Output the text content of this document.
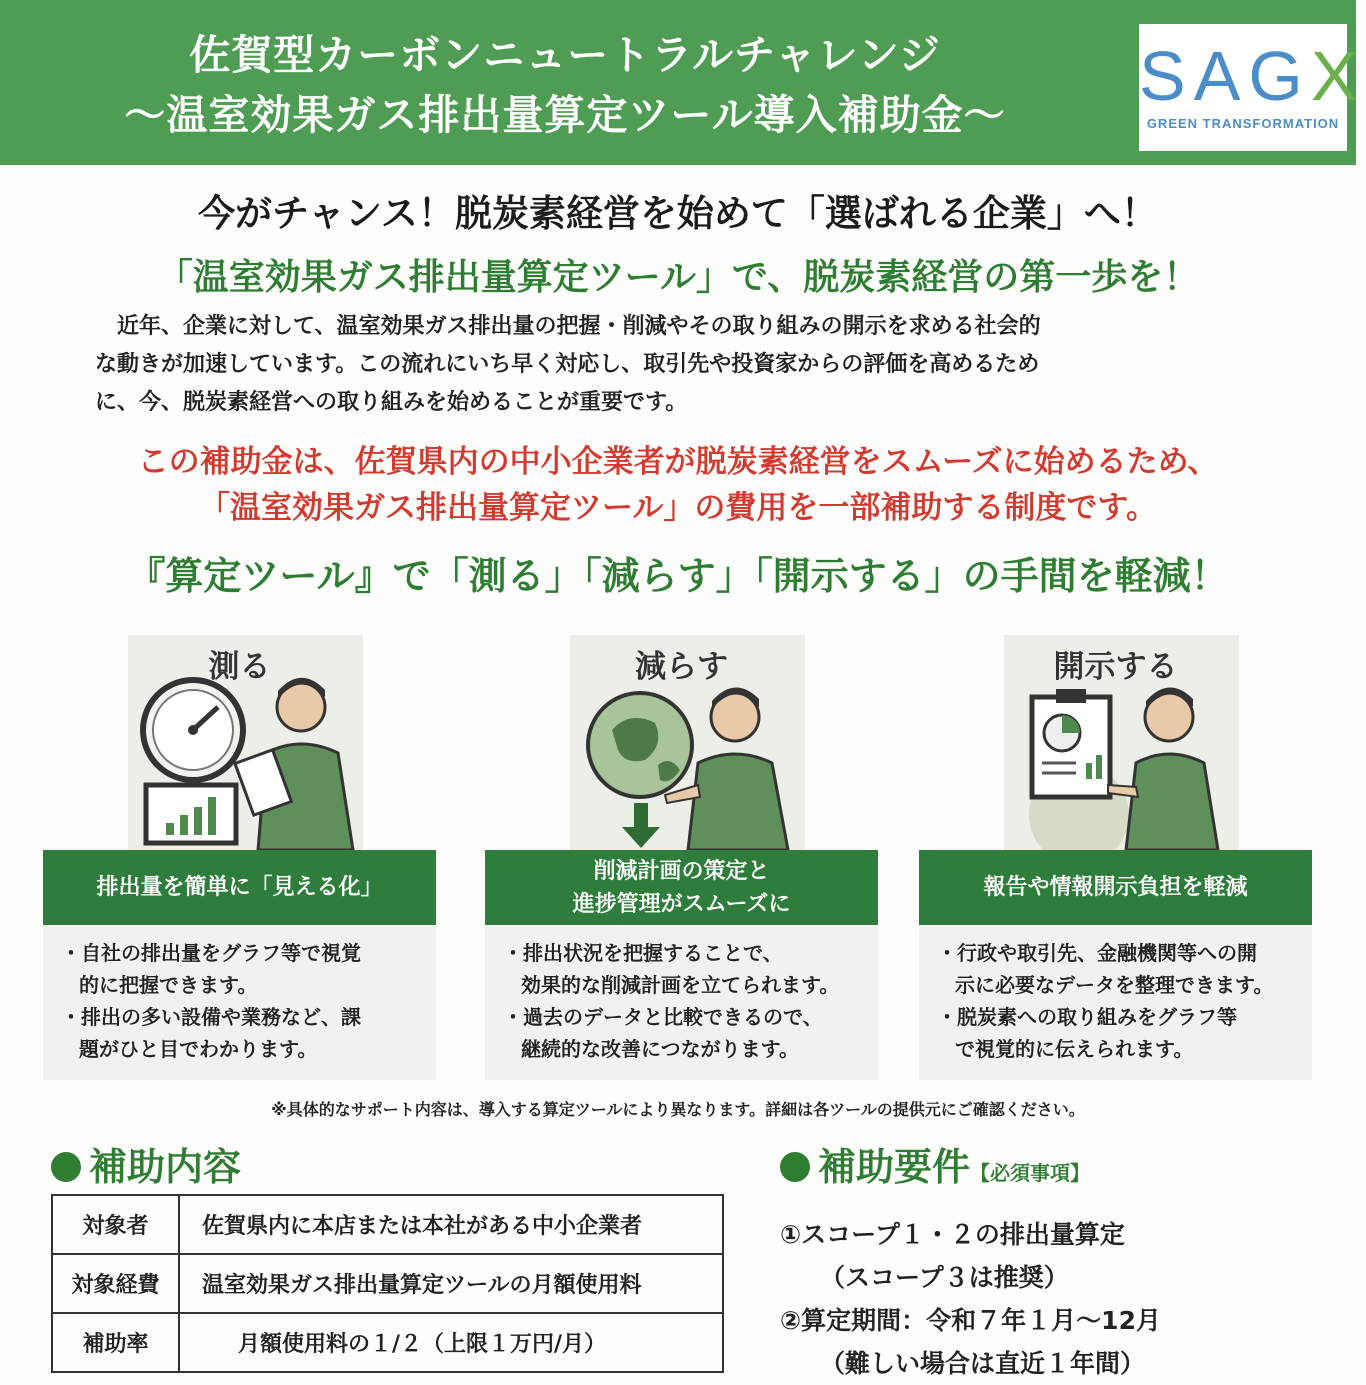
佐賀型カーボンニュートラルチャレンジ
～温室効果ガス排出量算定ツール導入補助金～	SAGX
GREEN TRANSFORMATION
今がチャンス！脱炭素経営を始めて「選ばれる企業」へ！
「温室効果ガス排出量算定ツール」で、脱炭素経営の第一歩を！

　近年、企業に対して、温室効果ガス排出量の把握・削減やその取り組みの開示を求める社会的

な動きが加速しています。この流れにいち早く対応し、取引先や投資家からの評価を高めるため

に、今、脱炭素経営への取り組みを始めることが重要です。

この補助金は、佐賀県内の中小企業者が脱炭素経営をスムーズに始めるため、
「温室効果ガス排出量算定ツール」の費用を一部補助する制度です。
『算定ツール』で「測る」「減らす」「開示する」の手間を軽減！
測る
排出量を簡単に「見える化」
・自社の排出量をグラフ等で視覚
的に把握できます。
・排出の多い設備や業務など、課
題がひと目でわかります。
減らす
削減計画の策定と
進捗管理がスムーズに
・排出状況を把握することで、
効果的な削減計画を立てられます。
・過去のデータと比較できるので、
継続的な改善につながります。
開示する
報告や情報開示負担を軽減
・行政や取引先、金融機関等への開
示に必要なデータを整理できます。
・脱炭素への取り組みをグラフ等
で視覚的に伝えられます。
※具体的なサポート内容は、導入する算定ツールにより異なります。詳細は各ツールの提供元にご確認ください。
補助内容
対象者	佐賀県内に本店または本社がある中小企業者
対象経費	温室効果ガス排出量算定ツールの月額使用料
補助率	月額使用料の１/２（上限１万円/月）
補助要件【必須事項】
①スコープ１・２の排出量算定
（スコープ３は推奨）
②算定期間：令和７年１月～12月
（難しい場合は直近１年間）
